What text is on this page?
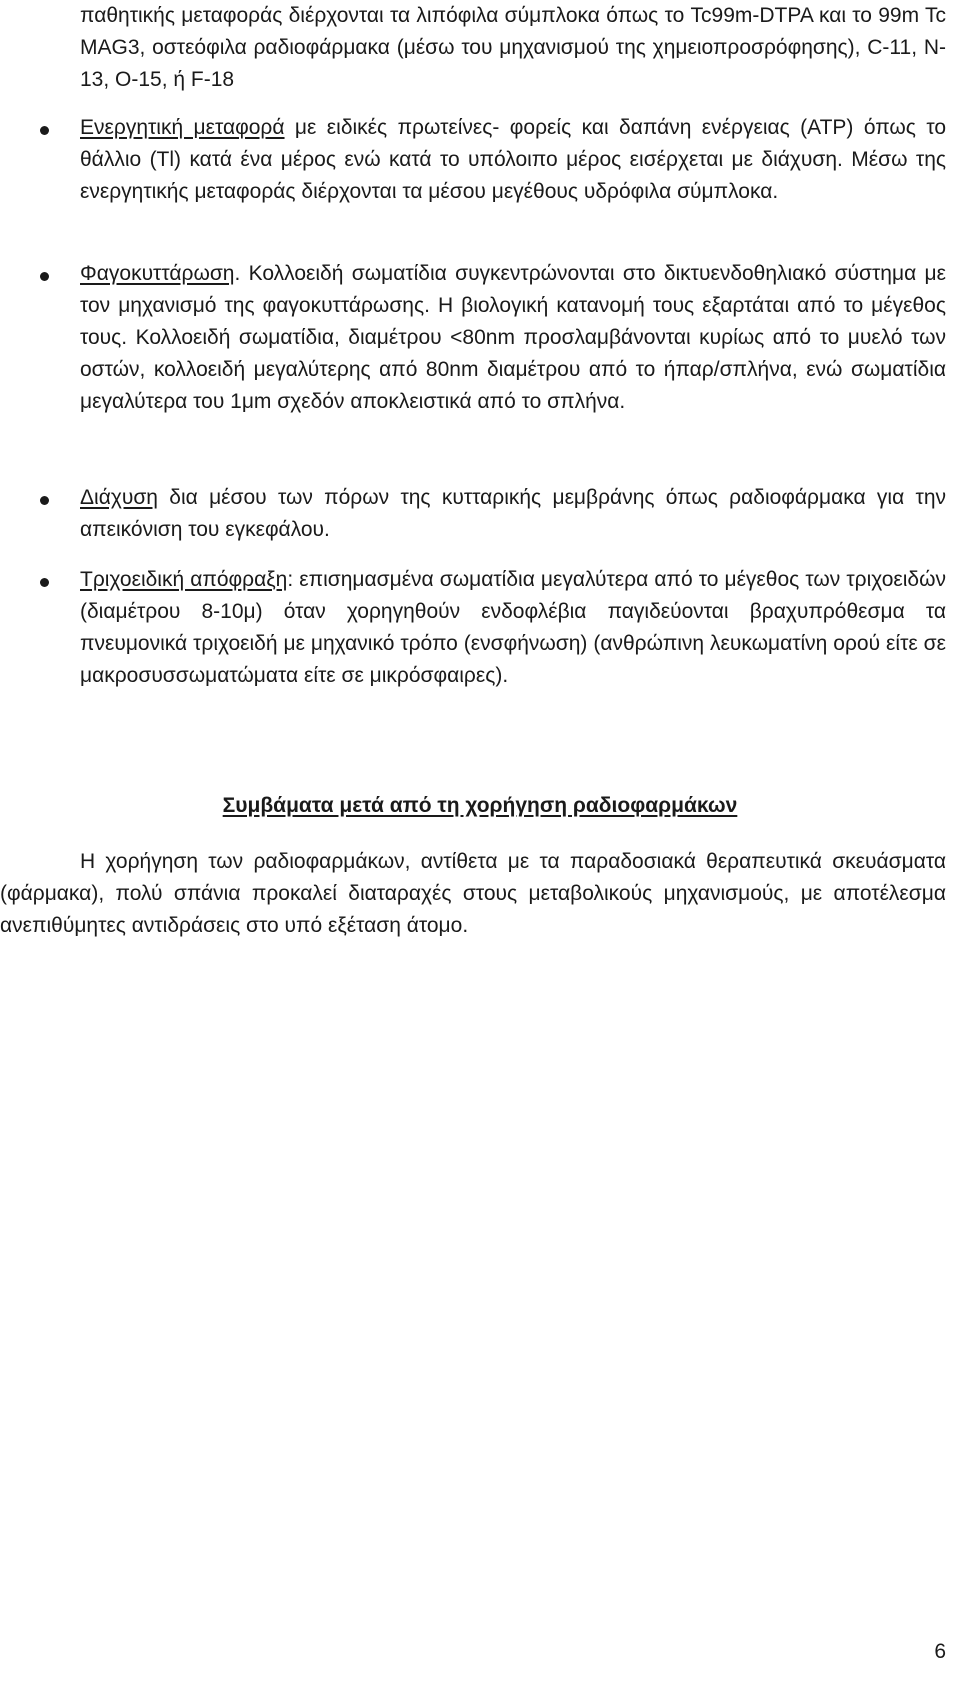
παθητικής μεταφοράς διέρχονται τα λιπόφιλα σύμπλοκα όπως το Tc99m-DTPA και το 99m Tc MAG3, οστεόφιλα ραδιοφάρμακα (μέσω του μηχανισμού της χημειοπροσρόφησης), C-11, N-13, O-15, ή F-18

Ενεργητική μεταφορά με ειδικές πρωτείνες- φορείς και δαπάνη ενέργειας (ATP) όπως το θάλλιο (Tl) κατά ένα μέρος ενώ κατά το υπόλοιπο μέρος εισέρχεται με διάχυση. Μέσω της ενεργητικής μεταφοράς διέρχονται τα μέσου μεγέθους υδρόφιλα σύμπλοκα.

Φαγοκυττάρωση. Κολλοειδή σωματίδια συγκεντρώνονται στο δικτυενδοθηλιακό σύστημα με τον μηχανισμό της φαγοκυττάρωσης. Η βιολογική κατανομή τους εξαρτάται από το μέγεθος τους. Κολλοειδή σωματίδια, διαμέτρου <80nm προσλαμβάνονται κυρίως από το μυελό των οστών, κολλοειδή μεγαλύτερης από 80nm διαμέτρου από το ήπαρ/σπλήνα, ενώ σωματίδια μεγαλύτερα του 1μm σχεδόν αποκλειστικά από το σπλήνα.

Διάχυση δια μέσου των πόρων της κυτταρικής μεμβράνης όπως ραδιοφάρμακα για την απεικόνιση του εγκεφάλου.

Τριχοειδική απόφραξη: επισημασμένα σωματίδια μεγαλύτερα από το μέγεθος των τριχοειδών (διαμέτρου 8-10μ) όταν χορηγηθούν ενδοφλέβια παγιδεύονται βραχυπρόθεσμα τα πνευμονικά τριχοειδή με μηχανικό τρόπο (ενσφήνωση) (ανθρώπινη λευκωματίνη ορού είτε σε μακροσυσσωματώματα είτε σε μικρόσφαιρες).

Συμβάματα μετά από τη χορήγηση ραδιοφαρμάκων

Η χορήγηση των ραδιοφαρμάκων, αντίθετα με τα παραδοσιακά θεραπευτικά σκευάσματα (φάρμακα), πολύ σπάνια προκαλεί διαταραχές στους μεταβολικούς μηχανισμούς, με αποτέλεσμα ανεπιθύμητες αντιδράσεις στο υπό εξέταση άτομο.

6
